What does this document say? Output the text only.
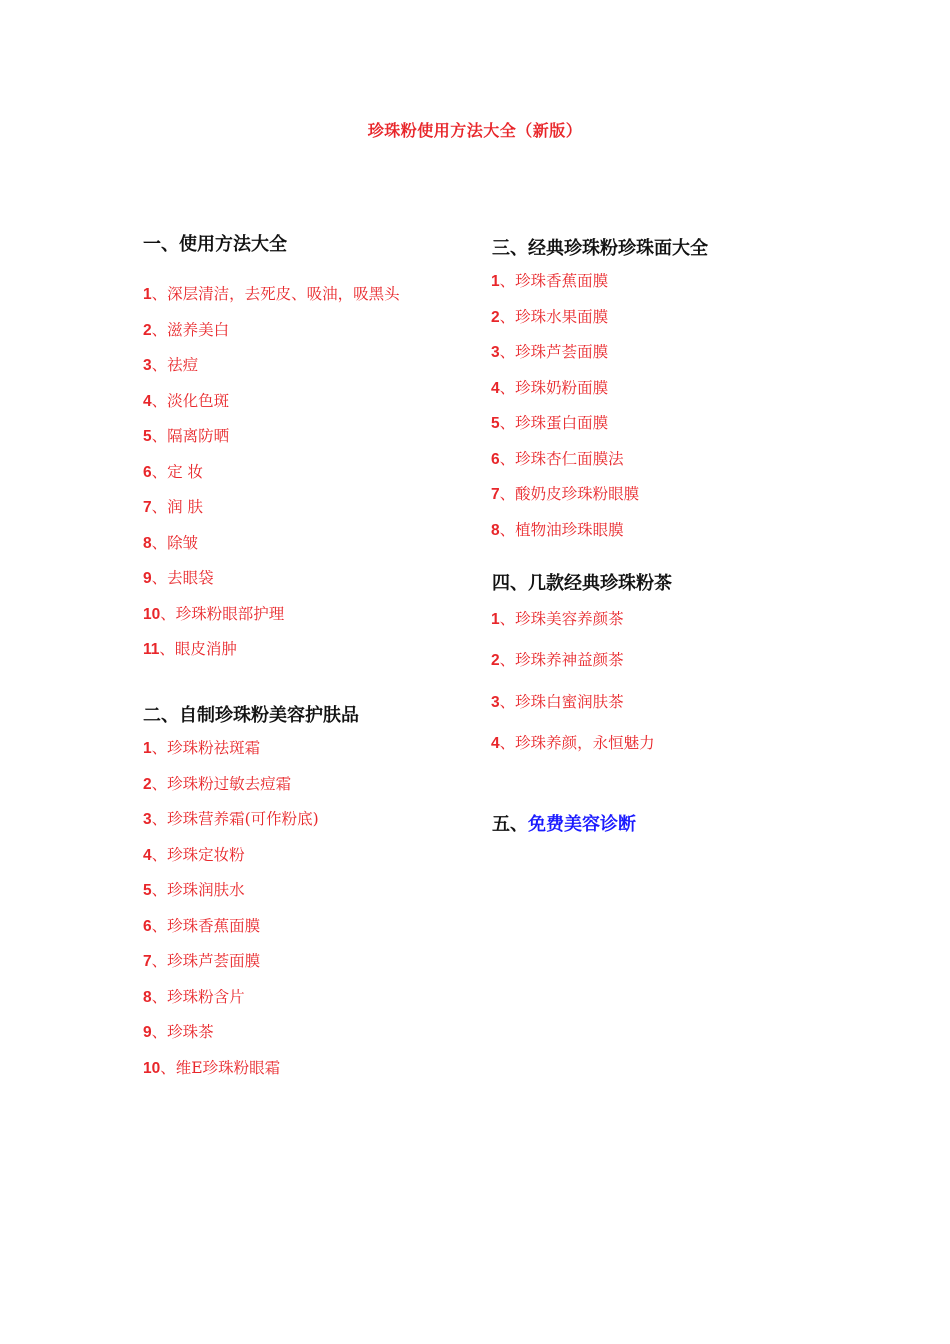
珍珠粉使用方法大全（新版）
一、使用方法大全
1、深层清洁，去死皮、吸油，吸黑头
2、滋养美白
3、祛痘
4、淡化色斑
5、隔离防晒
6、定 妆
7、润 肤
8、除皱
9、去眼袋
10、珍珠粉眼部护理
11、眼皮消肿
二、自制珍珠粉美容护肤品
1、珍珠粉祛斑霜
2、珍珠粉过敏去痘霜
3、珍珠营养霜(可作粉底)
4、珍珠定妆粉
5、珍珠润肤水
6、珍珠香蕉面膜
7、珍珠芦荟面膜
8、珍珠粉含片
9、珍珠茶
10、维E珍珠粉眼霜
三、经典珍珠粉珍珠面大全
1、珍珠香蕉面膜
2、珍珠水果面膜
3、珍珠芦荟面膜
4、珍珠奶粉面膜
5、珍珠蛋白面膜
6、珍珠杏仁面膜法
7、酸奶皮珍珠粉眼膜
8、植物油珍珠眼膜
四、几款经典珍珠粉茶
1、珍珠美容养颜茶
2、珍珠养神益颜茶
3、珍珠白蜜润肤茶
4、珍珠养颜，永恒魅力
五、免费美容诊断
